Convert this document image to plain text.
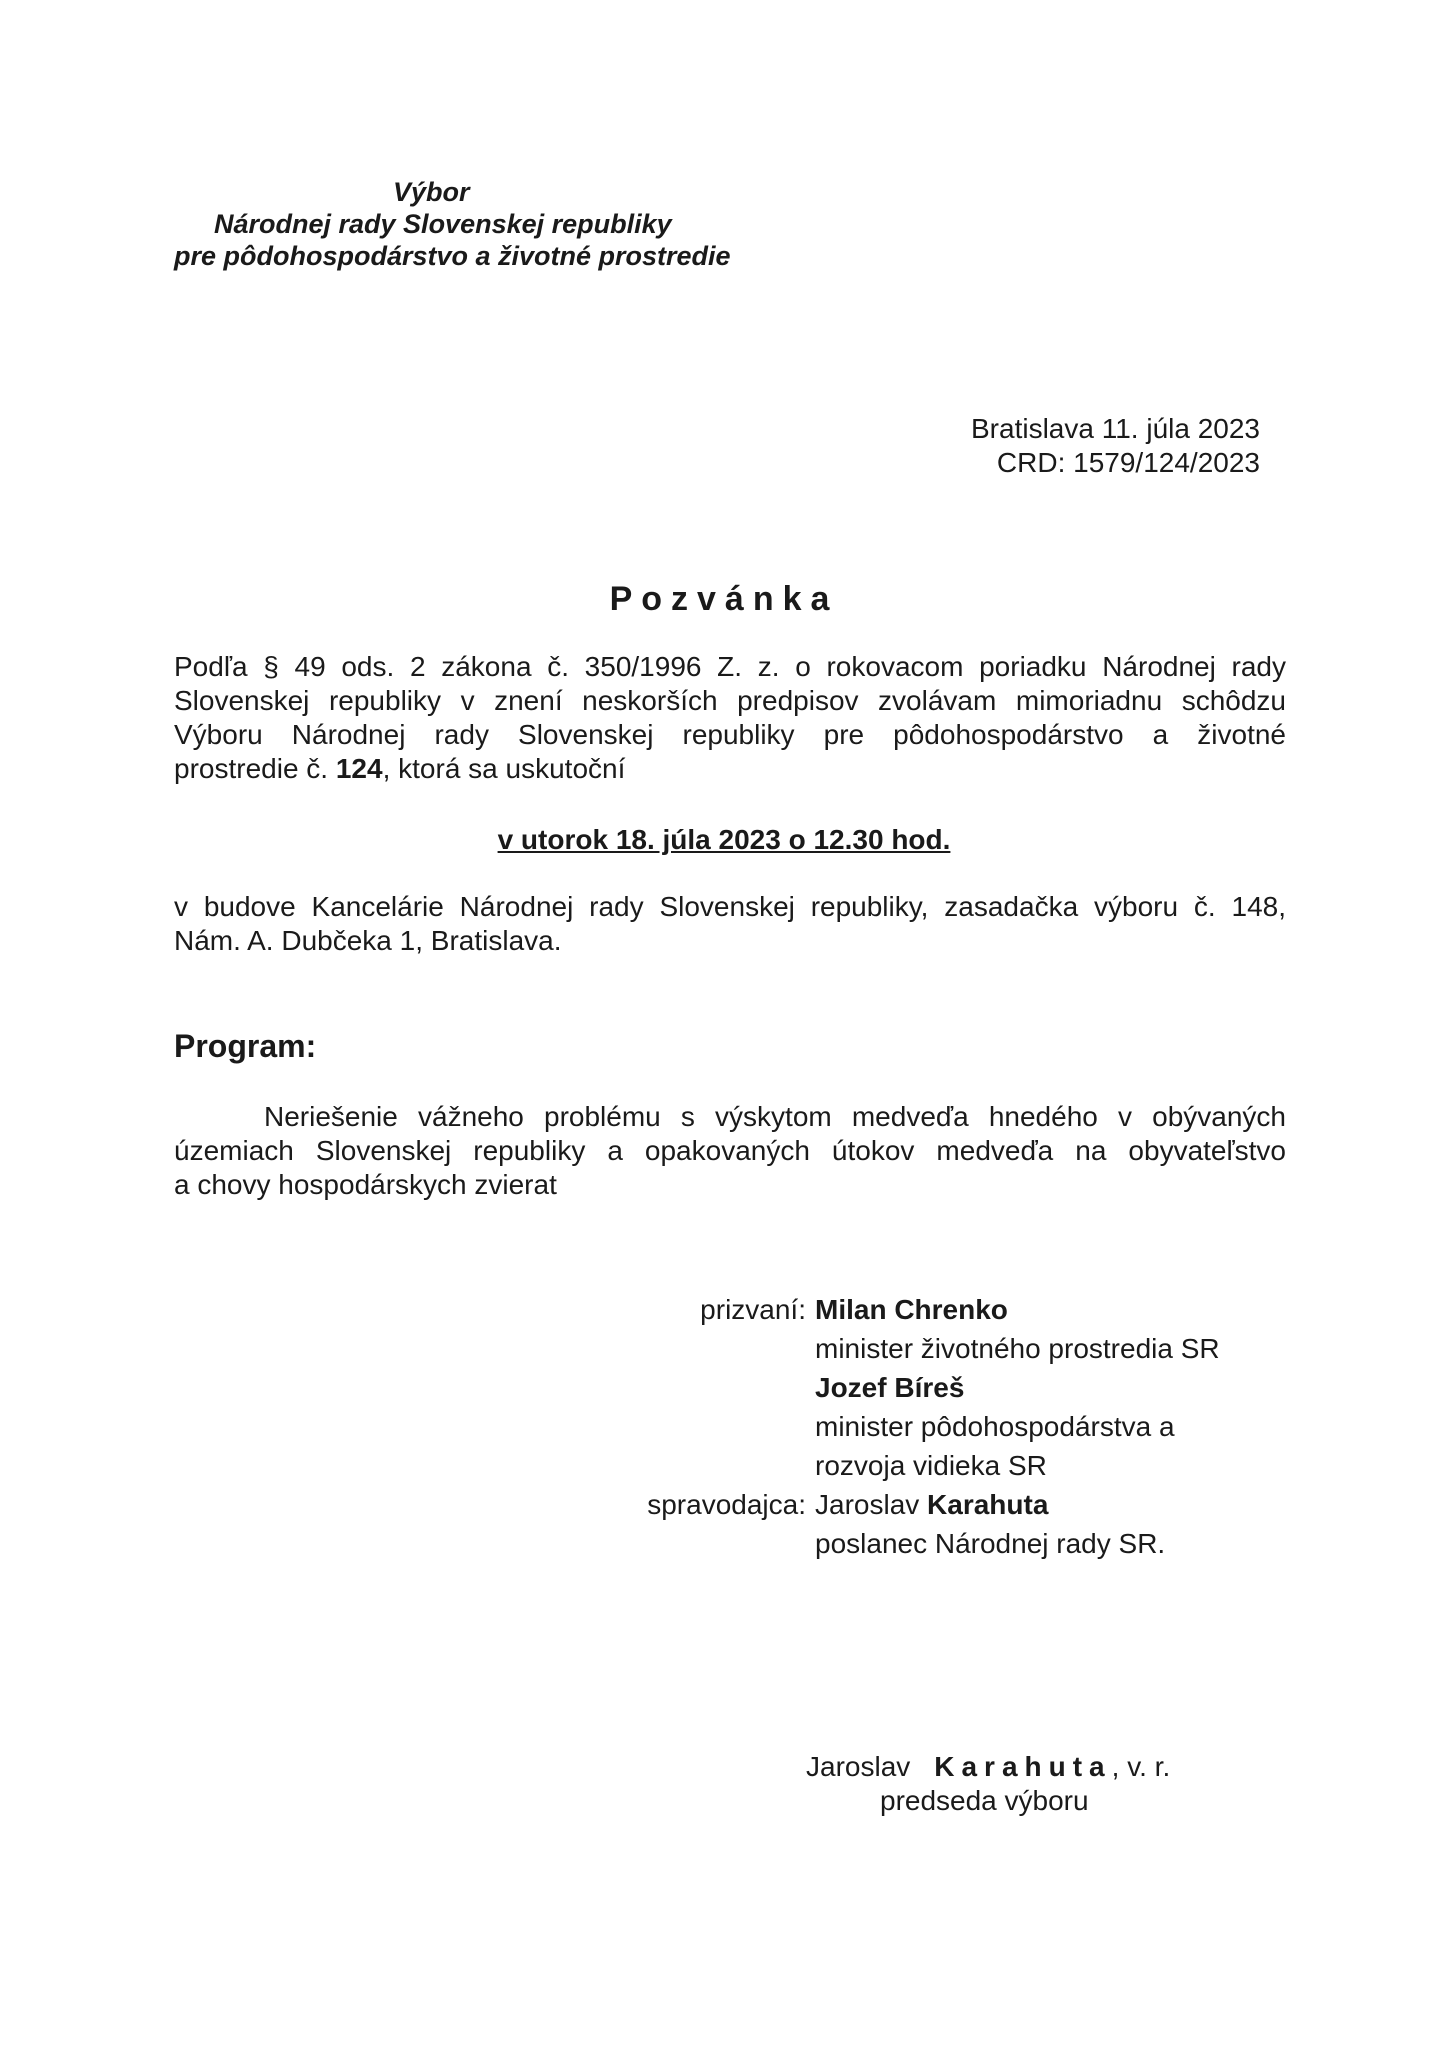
Výbor
Národnej rady Slovenskej republiky
pre pôdohospodárstvo a životné prostredie
Bratislava 11. júla 2023
CRD: 1579/124/2023
Pozvánka
Podľa § 49 ods. 2 zákona č. 350/1996 Z. z. o rokovacom poriadku Národnej rady
Slovenskej republiky v znení neskorších predpisov zvolávam mimoriadnu schôdzu
Výboru Národnej rady Slovenskej republiky pre pôdohospodárstvo a životné
prostredie č. 124, ktorá sa uskutoční
v utorok 18. júla 2023 o 12.30 hod.
v budove Kancelárie Národnej rady Slovenskej republiky, zasadačka výboru č. 148,
Nám. A. Dubčeka 1, Bratislava.
Program:
Neriešenie vážneho problému s výskytom medveďa hnedého v obývaných
územiach Slovenskej republiky a opakovaných útokov medveďa na obyvateľstvo
a chovy hospodárskych zvierat
prizvaní: Milan Chrenko
minister životného prostredia SR
Jozef Bíreš
minister pôdohospodárstva a
rozvoja vidieka SR
spravodajca: Jaroslav Karahuta
poslanec Národnej rady SR.
Jaroslav Karahuta, v. r.
predseda výboru
